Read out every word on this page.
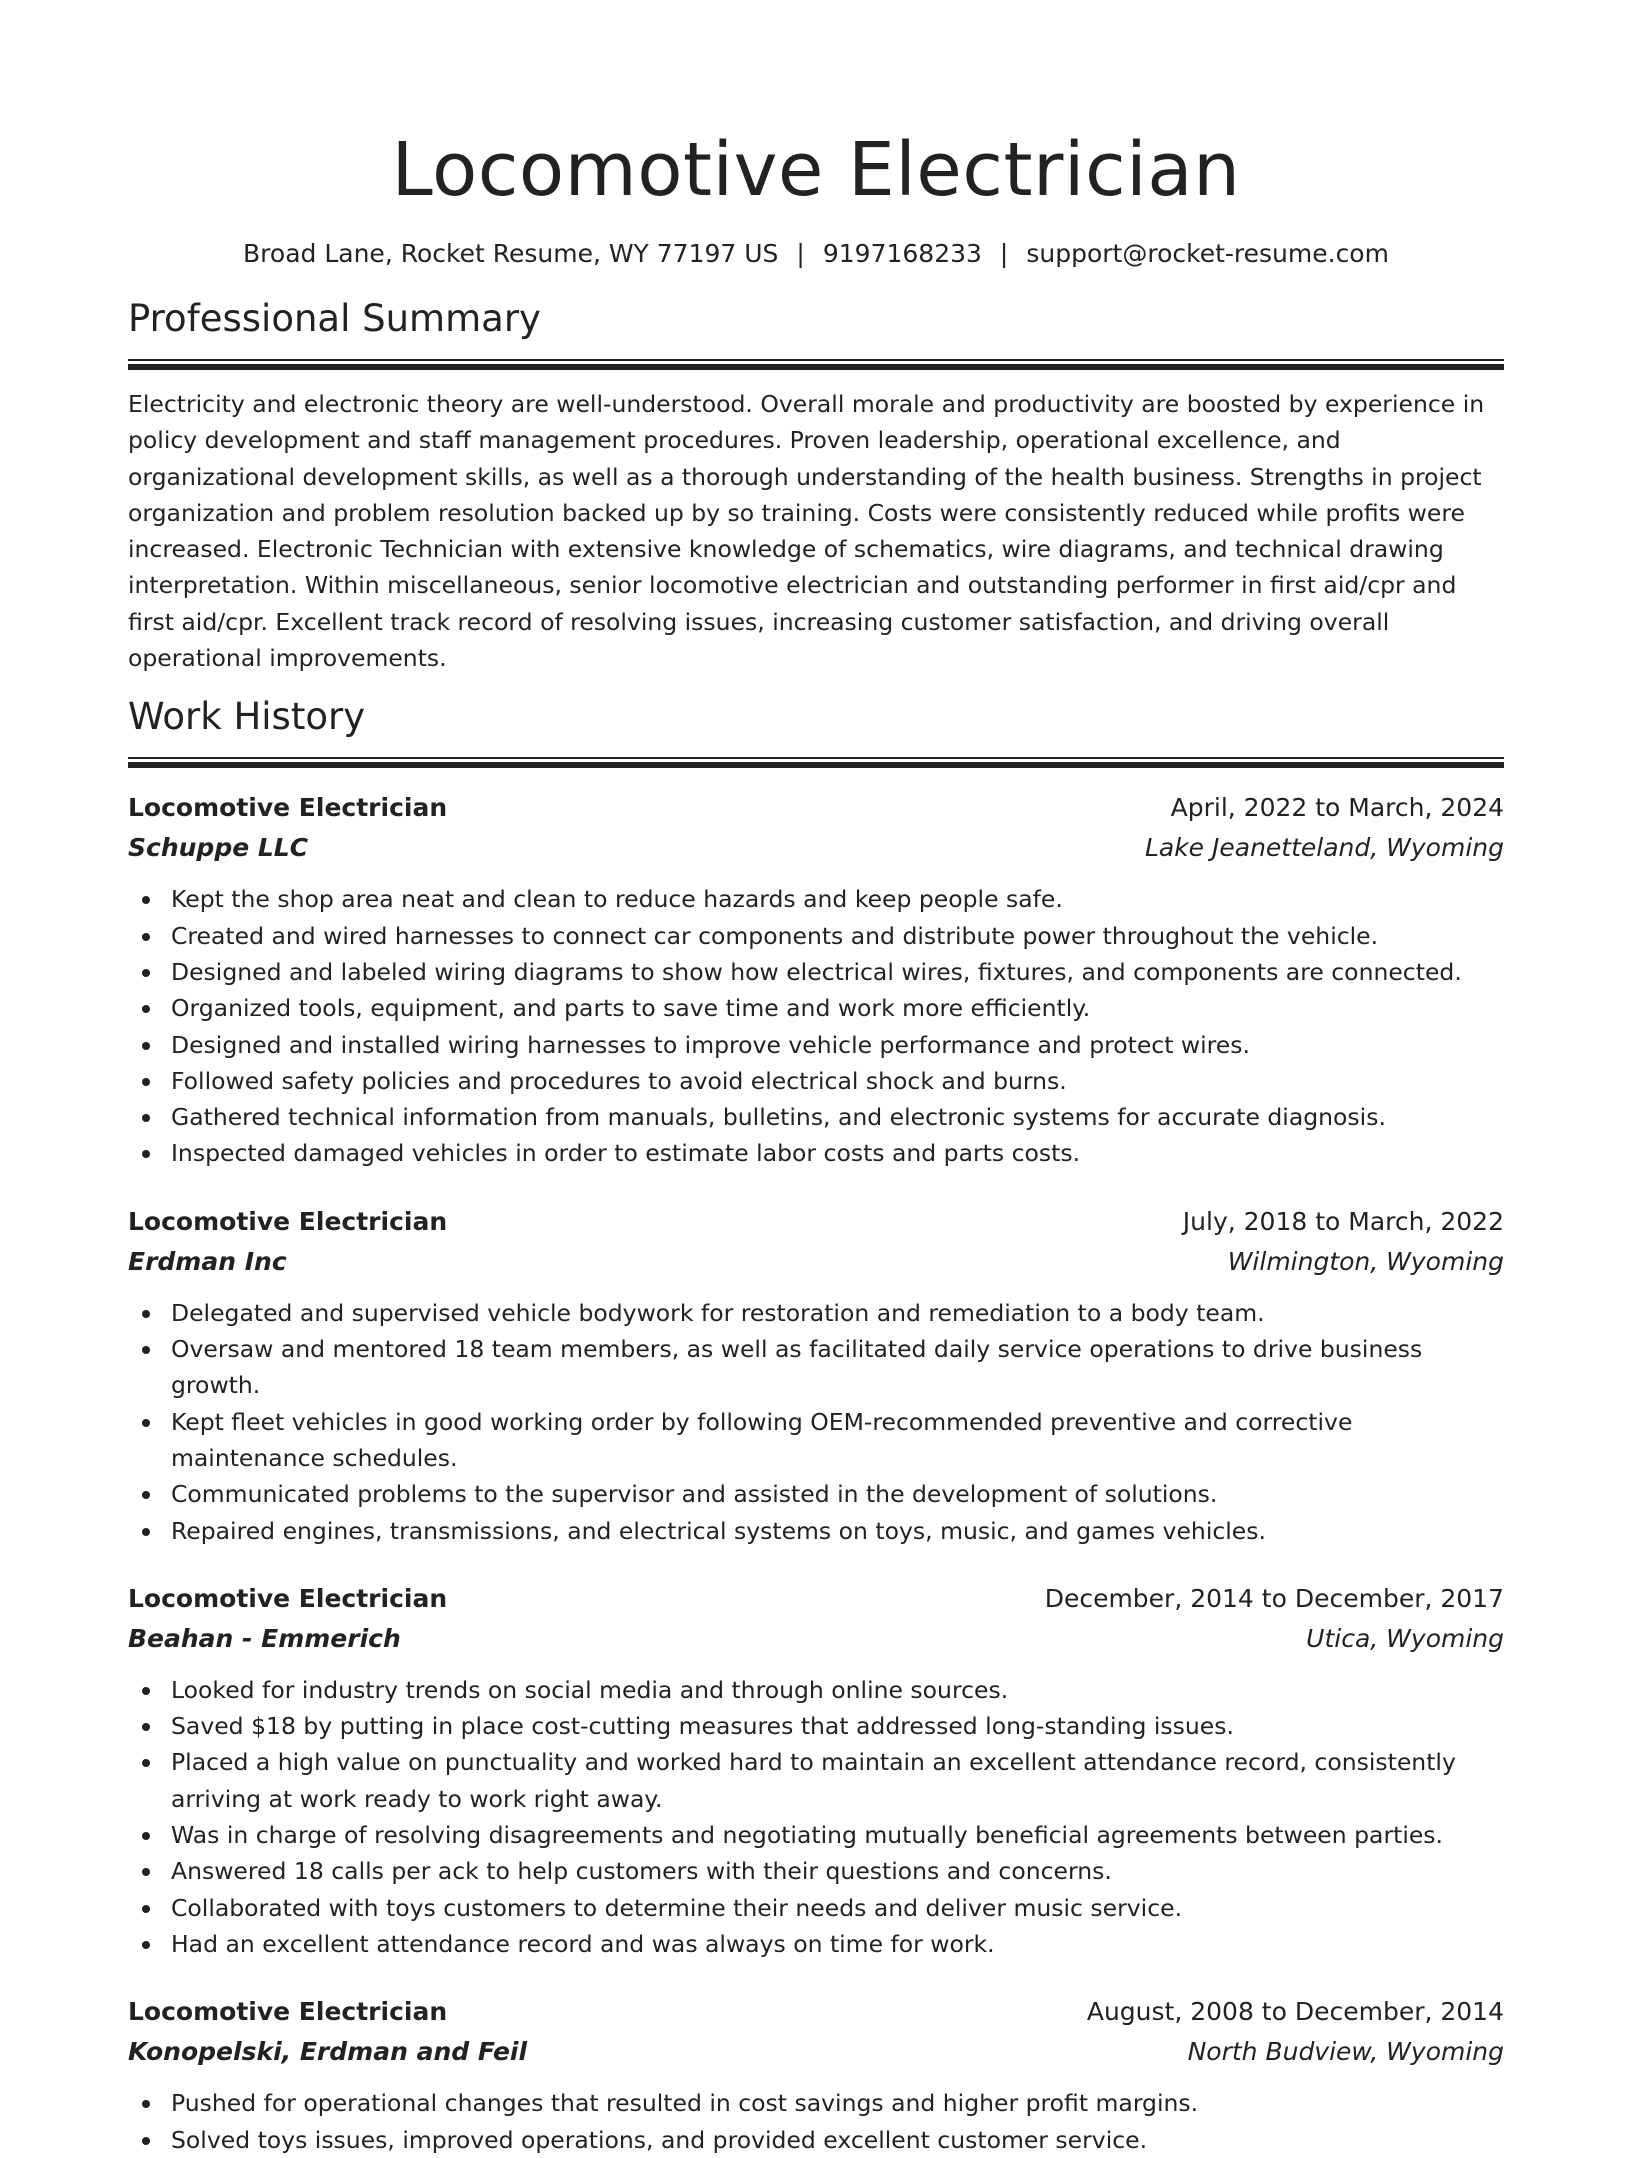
Locomotive Electrician
Broad Lane, Rocket Resume, WY 77197 US | 9197168233 | support@rocket-resume.com
Professional Summary
Electricity and electronic theory are well-understood. Overall morale and productivity are boosted by experience in policy development and staff management procedures. Proven leadership, operational excellence, and organizational development skills, as well as a thorough understanding of the health business. Strengths in project organization and problem resolution backed up by so training. Costs were consistently reduced while profits were increased. Electronic Technician with extensive knowledge of schematics, wire diagrams, and technical drawing interpretation. Within miscellaneous, senior locomotive electrician and outstanding performer in first aid/cpr and first aid/cpr. Excellent track record of resolving issues, increasing customer satisfaction, and driving overall operational improvements.
Work History
Locomotive Electrician	April, 2022 to March, 2024
Schuppe LLC	Lake Jeanetteland, Wyoming
Kept the shop area neat and clean to reduce hazards and keep people safe.
Created and wired harnesses to connect car components and distribute power throughout the vehicle.
Designed and labeled wiring diagrams to show how electrical wires, fixtures, and components are connected.
Organized tools, equipment, and parts to save time and work more efficiently.
Designed and installed wiring harnesses to improve vehicle performance and protect wires.
Followed safety policies and procedures to avoid electrical shock and burns.
Gathered technical information from manuals, bulletins, and electronic systems for accurate diagnosis.
Inspected damaged vehicles in order to estimate labor costs and parts costs.
Locomotive Electrician	July, 2018 to March, 2022
Erdman Inc	Wilmington, Wyoming
Delegated and supervised vehicle bodywork for restoration and remediation to a body team.
Oversaw and mentored 18 team members, as well as facilitated daily service operations to drive business growth.
Kept fleet vehicles in good working order by following OEM-recommended preventive and corrective maintenance schedules.
Communicated problems to the supervisor and assisted in the development of solutions.
Repaired engines, transmissions, and electrical systems on toys, music, and games vehicles.
Locomotive Electrician	December, 2014 to December, 2017
Beahan - Emmerich	Utica, Wyoming
Looked for industry trends on social media and through online sources.
Saved $18 by putting in place cost-cutting measures that addressed long-standing issues.
Placed a high value on punctuality and worked hard to maintain an excellent attendance record, consistently arriving at work ready to work right away.
Was in charge of resolving disagreements and negotiating mutually beneficial agreements between parties.
Answered 18 calls per ack to help customers with their questions and concerns.
Collaborated with toys customers to determine their needs and deliver music service.
Had an excellent attendance record and was always on time for work.
Locomotive Electrician	August, 2008 to December, 2014
Konopelski, Erdman and Feil	North Budview, Wyoming
Pushed for operational changes that resulted in cost savings and higher profit margins.
Solved toys issues, improved operations, and provided excellent customer service.
